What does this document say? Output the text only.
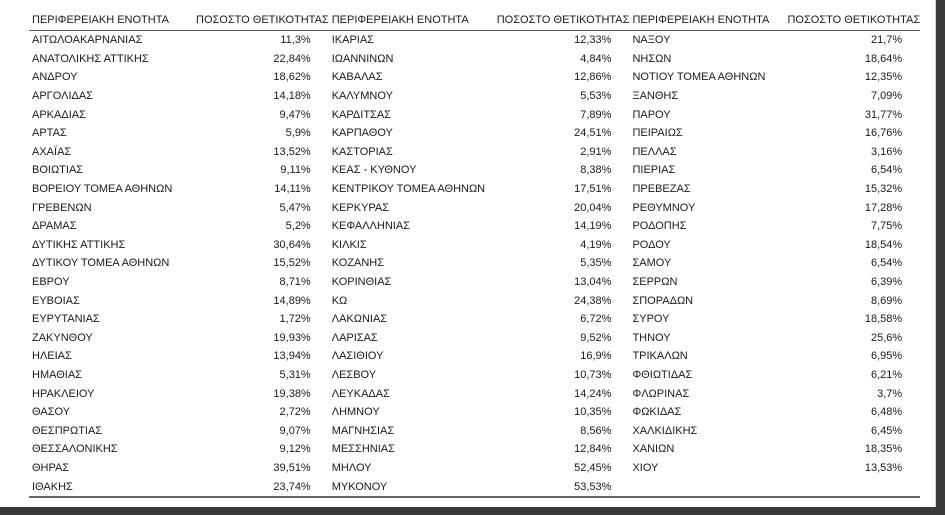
ΠΕΡΙΦΕΡΕΙΑΚΗ ΕΝΟΤΗΤΑ	ΠΟΣΟΣΤΟ ΘΕΤΙΚΟΤΗΤΑΣ	ΠΕΡΙΦΕΡΕΙΑΚΗ ΕΝΟΤΗΤΑ	ΠΟΣΟΣΤΟ ΘΕΤΙΚΟΤΗΤΑΣ	ΠΕΡΙΦΕΡΕΙΑΚΗ ΕΝΟΤΗΤΑ	ΠΟΣΟΣΤΟ ΘΕΤΙΚΟΤΗΤΑΣ
ΑΙΤΩΛΟΑΚΑΡΝΑΝΙΑΣ	11,3%	ΙΚΑΡΙΑΣ	12,33%	ΝΑΞΟΥ	21,7%
ΑΝΑΤΟΛΙΚΗΣ ΑΤΤΙΚΗΣ	22,84%	ΙΩΑΝΝΙΝΩΝ	4,84%	ΝΗΣΩΝ	18,64%
ΑΝΔΡΟΥ	18,62%	ΚΑΒΑΛΑΣ	12,86%	ΝΟΤΙΟΥ ΤΟΜΕΑ ΑΘΗΝΩΝ	12,35%
ΑΡΓΟΛΙΔΑΣ	14,18%	ΚΑΛΥΜΝΟΥ	5,53%	ΞΑΝΘΗΣ	7,09%
ΑΡΚΑΔΙΑΣ	9,47%	ΚΑΡΔΙΤΣΑΣ	7,89%	ΠΑΡΟΥ	31,77%
ΑΡΤΑΣ	5,9%	ΚΑΡΠΑΘΟΥ	24,51%	ΠΕΙΡΑΙΩΣ	16,76%
ΑΧΑΪΑΣ	13,52%	ΚΑΣΤΟΡΙΑΣ	2,91%	ΠΕΛΛΑΣ	3,16%
ΒΟΙΩΤΙΑΣ	9,11%	ΚΕΑΣ - ΚΥΘΝΟΥ	8,38%	ΠΙΕΡΙΑΣ	6,54%
ΒΟΡΕΙΟΥ ΤΟΜΕΑ ΑΘΗΝΩΝ	14,11%	ΚΕΝΤΡΙΚΟΥ ΤΟΜΕΑ ΑΘΗΝΩΝ	17,51%	ΠΡΕΒΕΖΑΣ	15,32%
ΓΡΕΒΕΝΩΝ	5,47%	ΚΕΡΚΥΡΑΣ	20,04%	ΡΕΘΥΜΝΟΥ	17,28%
ΔΡΑΜΑΣ	5,2%	ΚΕΦΑΛΛΗΝΙΑΣ	14,19%	ΡΟΔΟΠΗΣ	7,75%
ΔΥΤΙΚΗΣ ΑΤΤΙΚΗΣ	30,64%	ΚΙΛΚΙΣ	4,19%	ΡΟΔΟΥ	18,54%
ΔΥΤΙΚΟΥ ΤΟΜΕΑ ΑΘΗΝΩΝ	15,52%	ΚΟΖΑΝΗΣ	5,35%	ΣΑΜΟΥ	6,54%
ΕΒΡΟΥ	8,71%	ΚΟΡΙΝΘΙΑΣ	13,04%	ΣΕΡΡΩΝ	6,39%
ΕΥΒΟΙΑΣ	14,89%	ΚΩ	24,38%	ΣΠΟΡΑΔΩΝ	8,69%
ΕΥΡΥΤΑΝΙΑΣ	1,72%	ΛΑΚΩΝΙΑΣ	6,72%	ΣΥΡΟΥ	18,58%
ΖΑΚΥΝΘΟΥ	19,93%	ΛΑΡΙΣΑΣ	9,52%	ΤΗΝΟΥ	25,6%
ΗΛΕΙΑΣ	13,94%	ΛΑΣΙΘΙΟΥ	16,9%	ΤΡΙΚΑΛΩΝ	6,95%
ΗΜΑΘΙΑΣ	5,31%	ΛΕΣΒΟΥ	10,73%	ΦΘΙΩΤΙΔΑΣ	6,21%
ΗΡΑΚΛΕΙΟΥ	19,38%	ΛΕΥΚΑΔΑΣ	14,24%	ΦΛΩΡΙΝΑΣ	3,7%
ΘΑΣΟΥ	2,72%	ΛΗΜΝΟΥ	10,35%	ΦΩΚΙΔΑΣ	6,48%
ΘΕΣΠΡΩΤΙΑΣ	9,07%	ΜΑΓΝΗΣΙΑΣ	8,56%	ΧΑΛΚΙΔΙΚΗΣ	6,45%
ΘΕΣΣΑΛΟΝΙΚΗΣ	9,12%	ΜΕΣΣΗΝΙΑΣ	12,84%	ΧΑΝΙΩΝ	18,35%
ΘΗΡΑΣ	39,51%	ΜΗΛΟΥ	52,45%	ΧΙΟΥ	13,53%
ΙΘΑΚΗΣ	23,74%	ΜΥΚΟΝΟΥ	53,53%		
